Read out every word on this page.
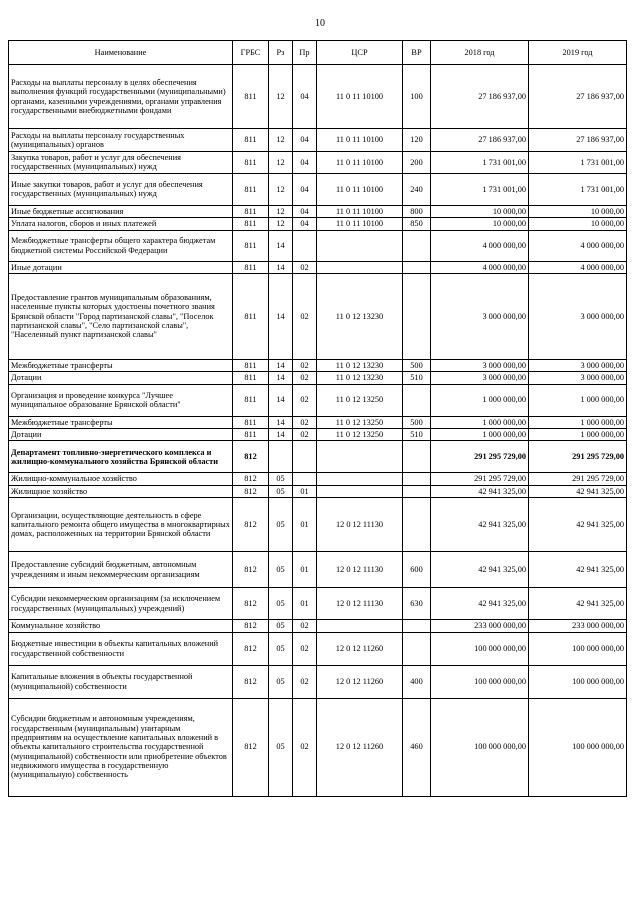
10
Наименование	ГРБС	Рз	Пр	ЦСР	ВР	2018 год	2019 год
Расходы на выплаты персоналу в целях обеспечения выполнения функций государственными (муниципальными) органами, казенными учреждениями, органами управления государственными внебюджетными фондами	811	12	04	11 0 11 10100	100	27 186 937,00	27 186 937,00
Расходы на выплаты персоналу государственных (муниципальных) органов	811	12	04	11 0 11 10100	120	27 186 937,00	27 186 937,00
Закупка товаров, работ и услуг для обеспечения государственных (муниципальных) нужд	811	12	04	11 0 11 10100	200	1 731 001,00	1 731 001,00
Иные закупки товаров, работ и услуг для обеспечения государственных (муниципальных) нужд	811	12	04	11 0 11 10100	240	1 731 001,00	1 731 001,00
Иные бюджетные ассигнования	811	12	04	11 0 11 10100	800	10 000,00	10 000,00
Уплата налогов, сборов и иных платежей	811	12	04	11 0 11 10100	850	10 000,00	10 000,00
Межбюджетные трансферты общего характера бюджетам бюджетной системы Российской Федерации	811	14				4 000 000,00	4 000 000,00
Иные дотации	811	14	02			4 000 000,00	4 000 000,00
Предоставление грантов муниципальным образованиям, населенные пункты которых удостоены почетного звания Брянской области "Город партизанской славы", "Поселок партизанской славы", "Село партизанской славы", "Населенный пункт партизанской славы"	811	14	02	11 0 12 13230		3 000 000,00	3 000 000,00
Межбюджетные трансферты	811	14	02	11 0 12 13230	500	3 000 000,00	3 000 000,00
Дотации	811	14	02	11 0 12 13230	510	3 000 000,00	3 000 000,00
Организация и проведение конкурса "Лучшее муниципальное образование Брянской области"	811	14	02	11 0 12 13250		1 000 000,00	1 000 000,00
Межбюджетные трансферты	811	14	02	11 0 12 13250	500	1 000 000,00	1 000 000,00
Дотации	811	14	02	11 0 12 13250	510	1 000 000,00	1 000 000,00
Департамент топливно-энергетического комплекса и жилищно-коммунального хозяйства Брянской области	812					291 295 729,00	291 295 729,00
Жилищно-коммунальное хозяйство	812	05				291 295 729,00	291 295 729,00
Жилищное хозяйство	812	05	01			42 941 325,00	42 941 325,00
Организации, осуществляющие деятельность в сфере капитального ремонта общего имущества в многоквартирных домах, расположенных на территории Брянской области	812	05	01	12 0 12 11130		42 941 325,00	42 941 325,00
Предоставление субсидий бюджетным, автономным учреждениям и иным некоммерческим организациям	812	05	01	12 0 12 11130	600	42 941 325,00	42 941 325,00
Субсидии некоммерческим организациям (за исключением государственных (муниципальных) учреждений)	812	05	01	12 0 12 11130	630	42 941 325,00	42 941 325,00
Коммунальное хозяйство	812	05	02			233 000 000,00	233 000 000,00
Бюджетные инвестиции в объекты капитальных вложений государственной собственности	812	05	02	12 0 12 11260		100 000 000,00	100 000 000,00
Капитальные вложения в объекты государственной (муниципальной) собственности	812	05	02	12 0 12 11260	400	100 000 000,00	100 000 000,00
Субсидии бюджетным и автономным учреждениям, государственным (муниципальным) унитарным предприятиям на осуществление капитальных вложений в объекты капитального строительства государственной (муниципальной) собственности или приобретение объектов недвижимого имущества в государственную (муниципальную) собственность	812	05	02	12 0 12 11260	460	100 000 000,00	100 000 000,00
